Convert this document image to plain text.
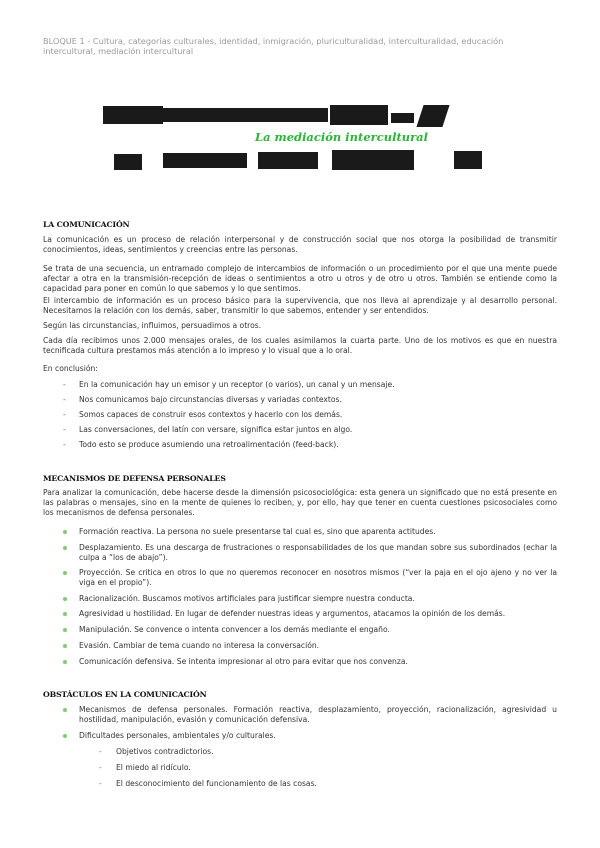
BLOQUE 1 - Cultura, categorías culturales, identidad, inmigración, pluriculturalidad, interculturalidad, educación
intercultural, mediación intercultural
La mediación intercultural
LA COMUNICACIÓN
La comunicación es un proceso de relación interpersonal y de construcción social que nos otorga la posibilidad de transmitir conocimientos, ideas, sentimientos y creencias entre las personas.
Se trata de una secuencia, un entramado complejo de intercambios de información o un procedimiento por el que una mente puede afectar a otra en la transmisión-recepción de ideas o sentimientos a otro u otros y de otro u otros. También se entiende como la capacidad para poner en común lo que sabemos y lo que sentimos.
El intercambio de información es un proceso básico para la supervivencia, que nos lleva al aprendizaje y al desarrollo personal. Necesitamos la relación con los demás, saber, transmitir lo que sabemos, entender y ser entendidos.
Según las circunstancias, influimos, persuadimos a otros.
Cada día recibimos unos 2.000 mensajes orales, de los cuales asimilamos la cuarta parte. Uno de los motivos es que en nuestra tecnificada cultura prestamos más atención a lo impreso y lo visual que a lo oral.
En conclusión:
- En la comunicación hay un emisor y un receptor (o varios), un canal y un mensaje.
- Nos comunicamos bajo circunstancias diversas y variadas contextos.
- Somos capaces de construir esos contextos y hacerlo con los demás.
- Las conversaciones, del latín con versare, significa estar juntos en algo.
- Todo esto se produce asumiendo una retroalimentación (feed-back).
MECANISMOS DE DEFENSA PERSONALES
Para analizar la comunicación, debe hacerse desde la dimensión psicosociológica: esta genera un significado que no está presente en las palabras o mensajes, sino en la mente de quienes lo reciben, y, por ello, hay que tener en cuenta cuestiones psicosociales como los mecanismos de defensa personales.
Formación reactiva. La persona no suele presentarse tal cual es, sino que aparenta actitudes.
Desplazamiento. Es una descarga de frustraciones o responsabilidades de los que mandan sobre sus subordinados (echar la culpa a “los de abajo”).
Proyección. Se critica en otros lo que no queremos reconocer en nosotros mismos (“ver la paja en el ojo ajeno y no ver la viga en el propio”).
Racionalización. Buscamos motivos artificiales para justificar siempre nuestra conducta.
Agresividad u hostilidad. En lugar de defender nuestras ideas y argumentos, atacamos la opinión de los demás.
Manipulación. Se convence o intenta convencer a los demás mediante el engaño.
Evasión. Cambiar de tema cuando no interesa la conversación.
Comunicación defensiva. Se intenta impresionar al otro para evitar que nos convenza.
OBSTÁCULOS EN LA COMUNICACIÓN
Mecanismos de defensa personales. Formación reactiva, desplazamiento, proyección, racionalización, agresividad u hostilidad, manipulación, evasión y comunicación defensiva.
Dificultades personales, ambientales y/o culturales.
- Objetivos contradictorios.
- El miedo al ridículo.
- El desconocimiento del funcionamiento de las cosas.
